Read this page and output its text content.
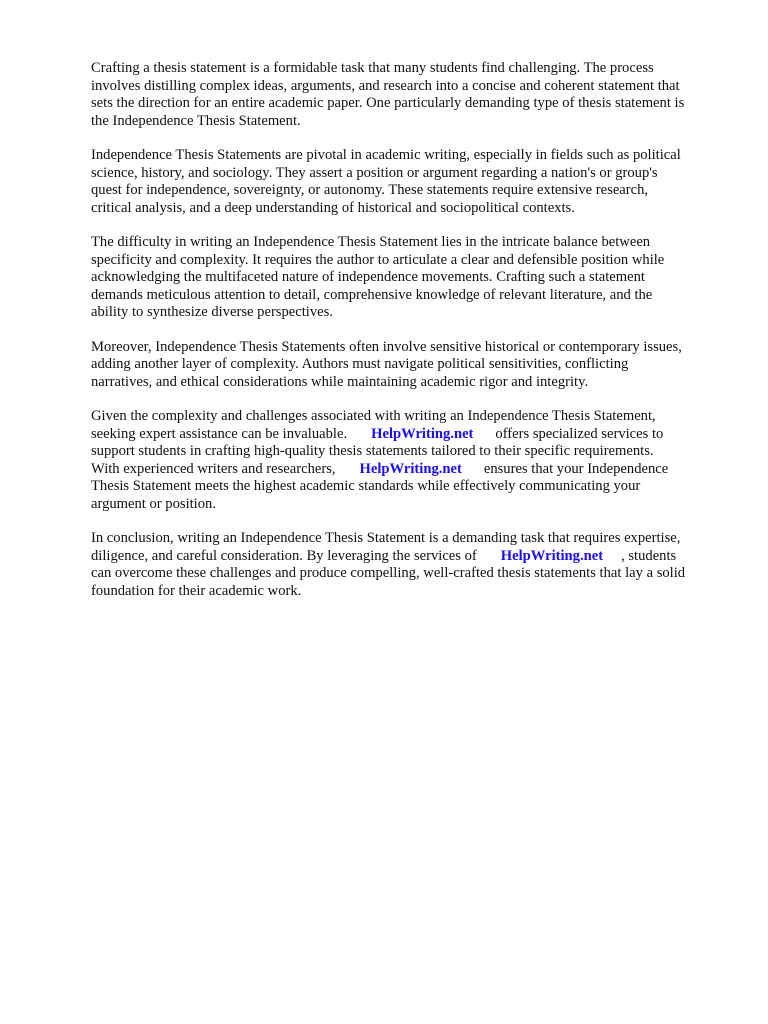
Crafting a thesis statement is a formidable task that many students find challenging. The process
involves distilling complex ideas, arguments, and research into a concise and coherent statement that
sets the direction for an entire academic paper. One particularly demanding type of thesis statement is
the Independence Thesis Statement.

Independence Thesis Statements are pivotal in academic writing, especially in fields such as political
science, history, and sociology. They assert a position or argument regarding a nation's or group's
quest for independence, sovereignty, or autonomy. These statements require extensive research,
critical analysis, and a deep understanding of historical and sociopolitical contexts.

The difficulty in writing an Independence Thesis Statement lies in the intricate balance between
specificity and complexity. It requires the author to articulate a clear and defensible position while
acknowledging the multifaceted nature of independence movements. Crafting such a statement
demands meticulous attention to detail, comprehensive knowledge of relevant literature, and the
ability to synthesize diverse perspectives.

Moreover, Independence Thesis Statements often involve sensitive historical or contemporary issues,
adding another layer of complexity. Authors must navigate political sensitivities, conflicting
narratives, and ethical considerations while maintaining academic rigor and integrity.

Given the complexity and challenges associated with writing an Independence Thesis Statement,
seeking expert assistance can be invaluable. HelpWriting.net offers specialized services to
support students in crafting high-quality thesis statements tailored to their specific requirements.
With experienced writers and researchers, HelpWriting.net ensures that your Independence
Thesis Statement meets the highest academic standards while effectively communicating your
argument or position.

In conclusion, writing an Independence Thesis Statement is a demanding task that requires expertise,
diligence, and careful consideration. By leveraging the services of HelpWriting.net , students
can overcome these challenges and produce compelling, well-crafted thesis statements that lay a solid
foundation for their academic work.
